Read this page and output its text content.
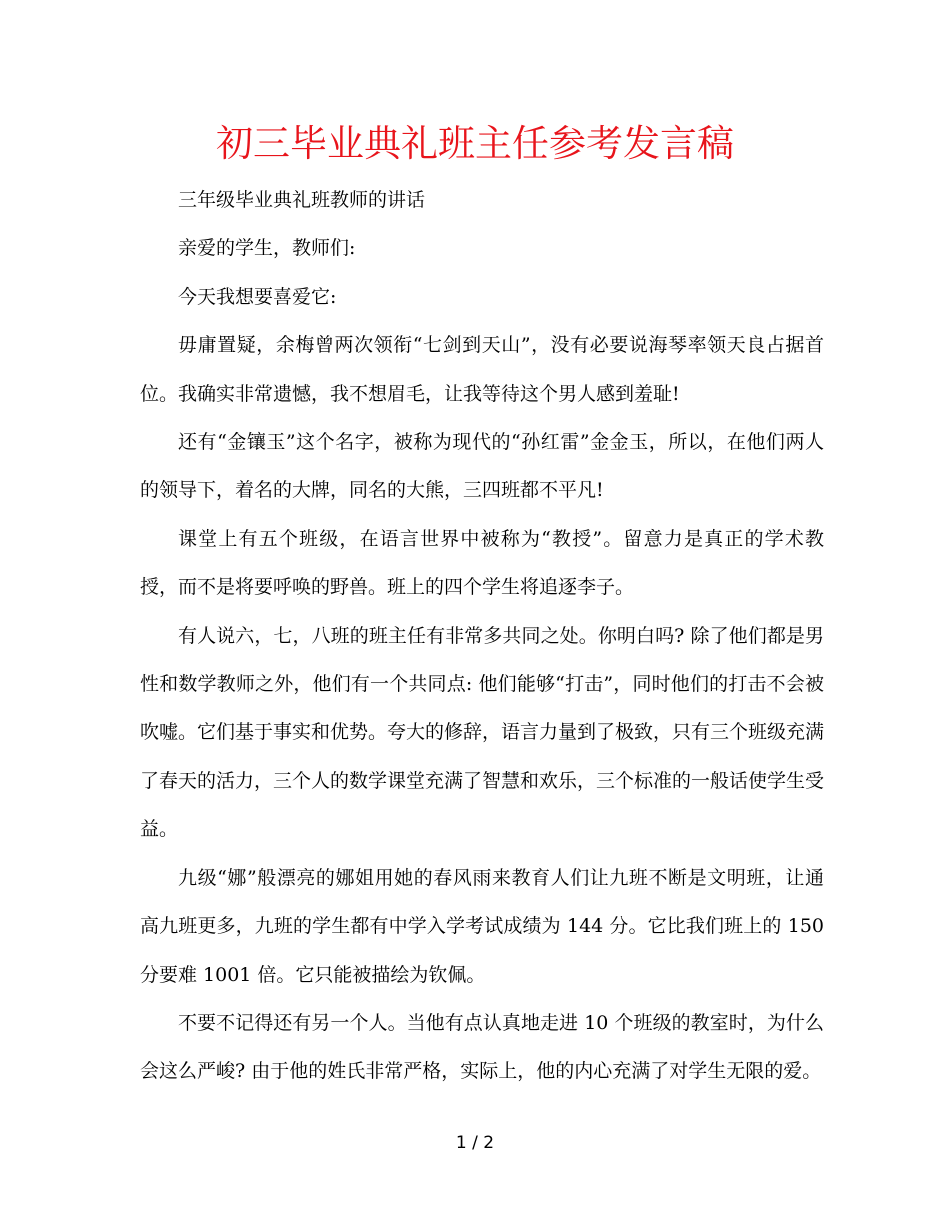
初三毕业典礼班主任参考发言稿

三年级毕业典礼班教师的讲话

亲爱的学生，教师们:

今天我想要喜爱它:

毋庸置疑，余梅曾两次领衔“七剑到天山”，没有必要说海琴率领天良占据首位。我确实非常遗憾，我不想眉毛，让我等待这个男人感到羞耻!

还有“金镶玉”这个名字，被称为现代的“孙红雷”金金玉，所以，在他们两人的领导下，着名的大牌，同名的大熊，三四班都不平凡!

课堂上有五个班级，在语言世界中被称为“教授”。留意力是真正的学术教授，而不是将要呼唤的野兽。班上的四个学生将追逐李子。

有人说六，七，八班的班主任有非常多共同之处。你明白吗? 除了他们都是男性和数学教师之外，他们有一个共同点: 他们能够“打击”，同时他们的打击不会被吹嘘。它们基于事实和优势。夸大的修辞，语言力量到了极致，只有三个班级充满了春天的活力，三个人的数学课堂充满了智慧和欢乐，三个标准的一般话使学生受益。

九级“娜”般漂亮的娜姐用她的春风雨来教育人们让九班不断是文明班，让通高九班更多，九班的学生都有中学入学考试成绩为 144 分。它比我们班上的 150 分要难 1001 倍。它只能被描绘为钦佩。

不要不记得还有另一个人。当他有点认真地走进 10 个班级的教室时，为什么会这么严峻? 由于他的姓氏非常严格，实际上，他的内心充满了对学生无限的爱。

1 / 2
